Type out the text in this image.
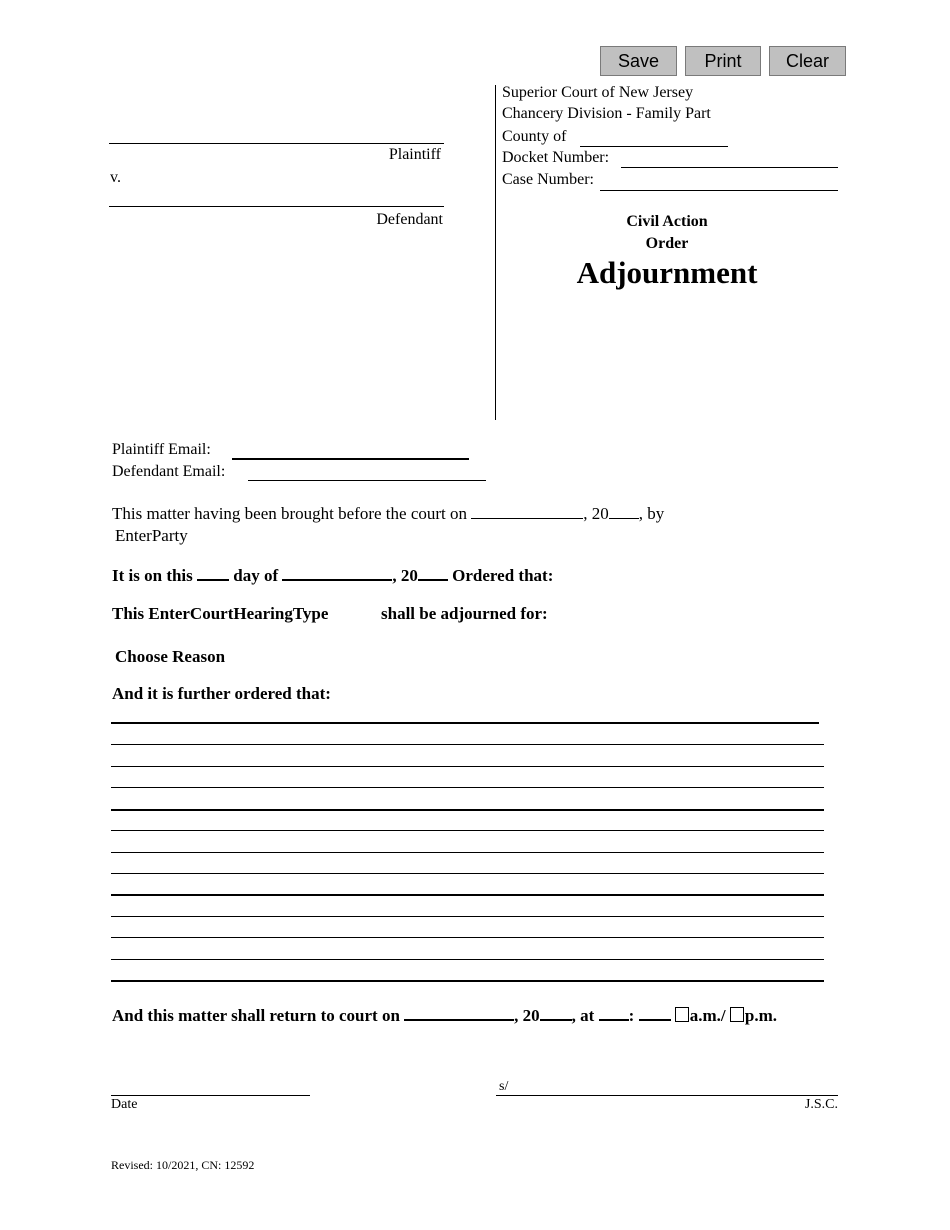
Save	Print	Clear
Plaintiff
v.
Defendant
Superior Court of New Jersey
Chancery Division - Family Part
County of
Docket Number:
Case Number:
Civil Action
Order
Adjournment
Plaintiff Email:
Defendant Email:
This matter having been brought before the court on	, 20 , by
EnterParty
It is on this day of	, 20 Ordered that:
This EnterCourtHearingType	shall be adjourned for:
Choose Reason
And it is further ordered that:
And this matter shall return to court on	, 20 , at :	a.m./ p.m.
Date
s/
J.S.C.
Revised: 10/2021, CN: 12592
